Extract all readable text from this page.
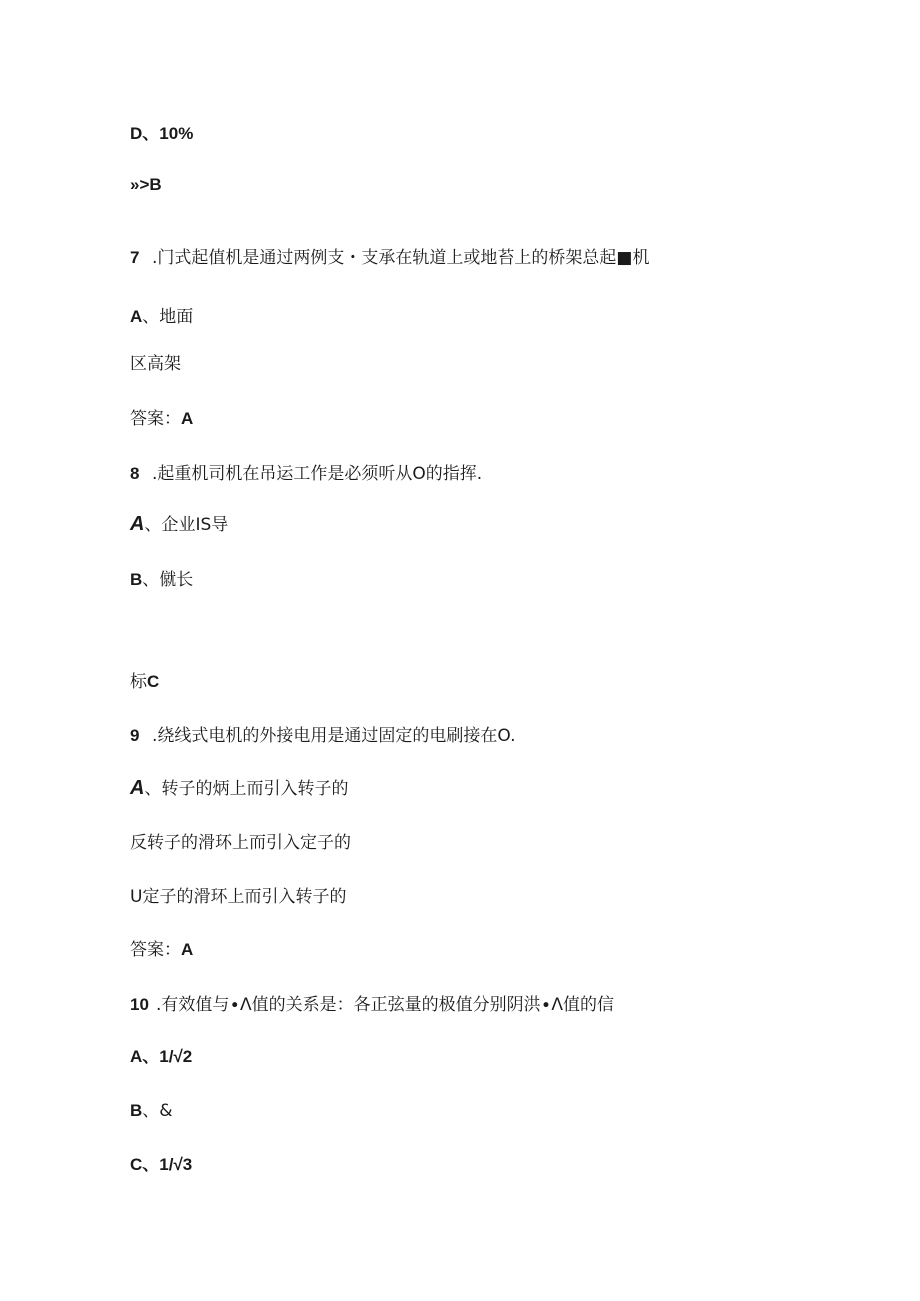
D、10%
»>B
7 .门式起值机是通过两例支・支承在轨道上或地苔上的桥架总起■机
A、地面
区高架
答案：A
8 .起重机司机在吊运工作是必须听从O的指挥.
A、企业IS导
B、僦长
标C
9 .绕线式电机的外接电用是通过固定的电刷接在O.
A、转子的炳上而引入转子的
反转子的滑环上而引入定子的
U定子的滑环上而引入转子的
答案：A
10 .有效值与∙Λ值的关系是：各正弦量的极值分别阴洪∙Λ值的信
A、1/√2
B、&
C、1/√3
